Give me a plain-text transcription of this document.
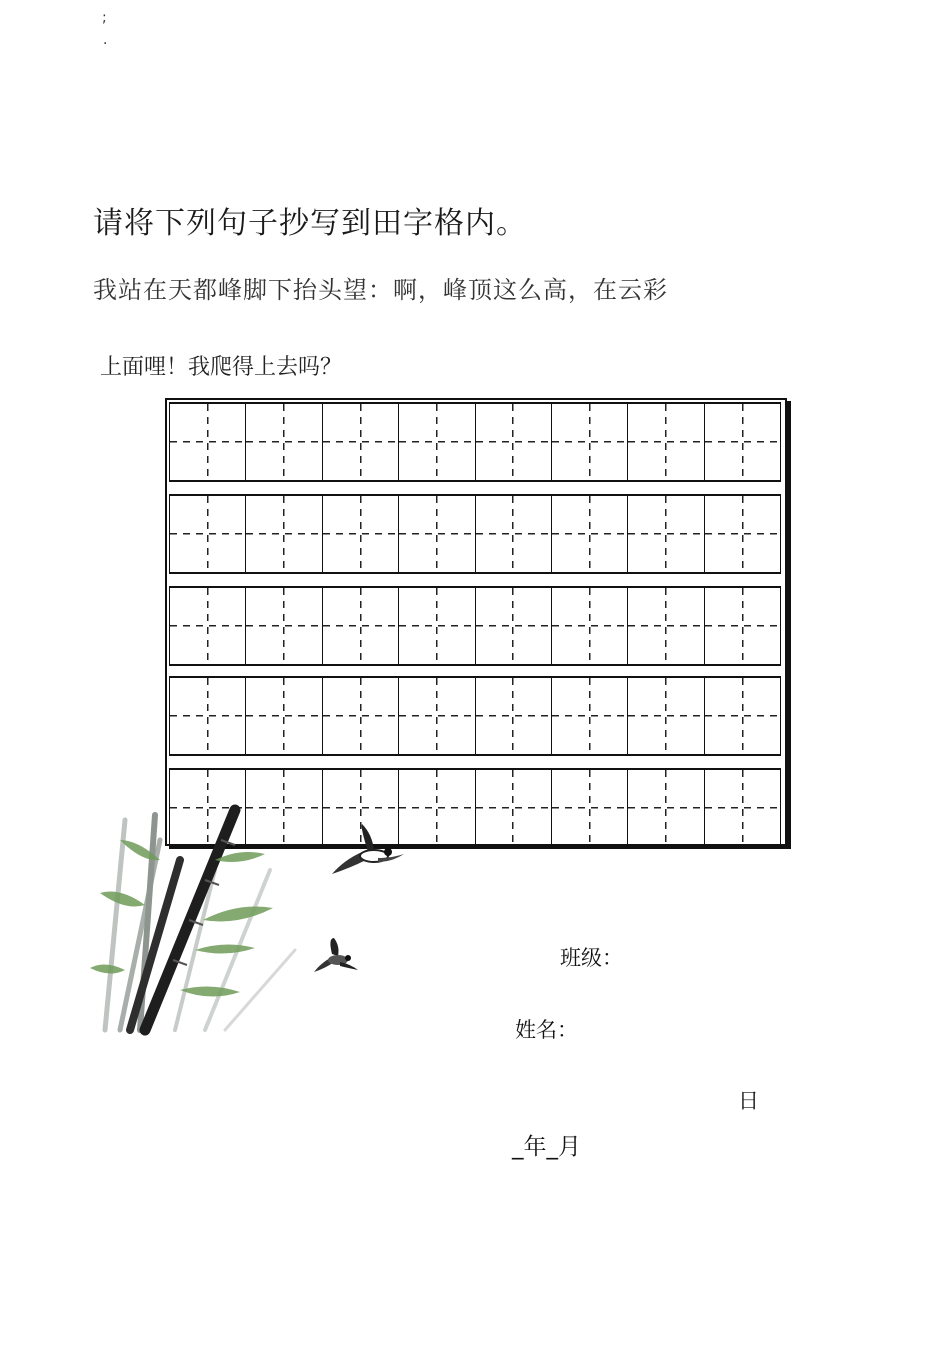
;
.
请将下列句子抄写到田字格内。
我站在天都峰脚下抬头望：啊，峰顶这么高，在云彩
上面哩！我爬得上去吗？
班级：
姓名：
日
_年_月
